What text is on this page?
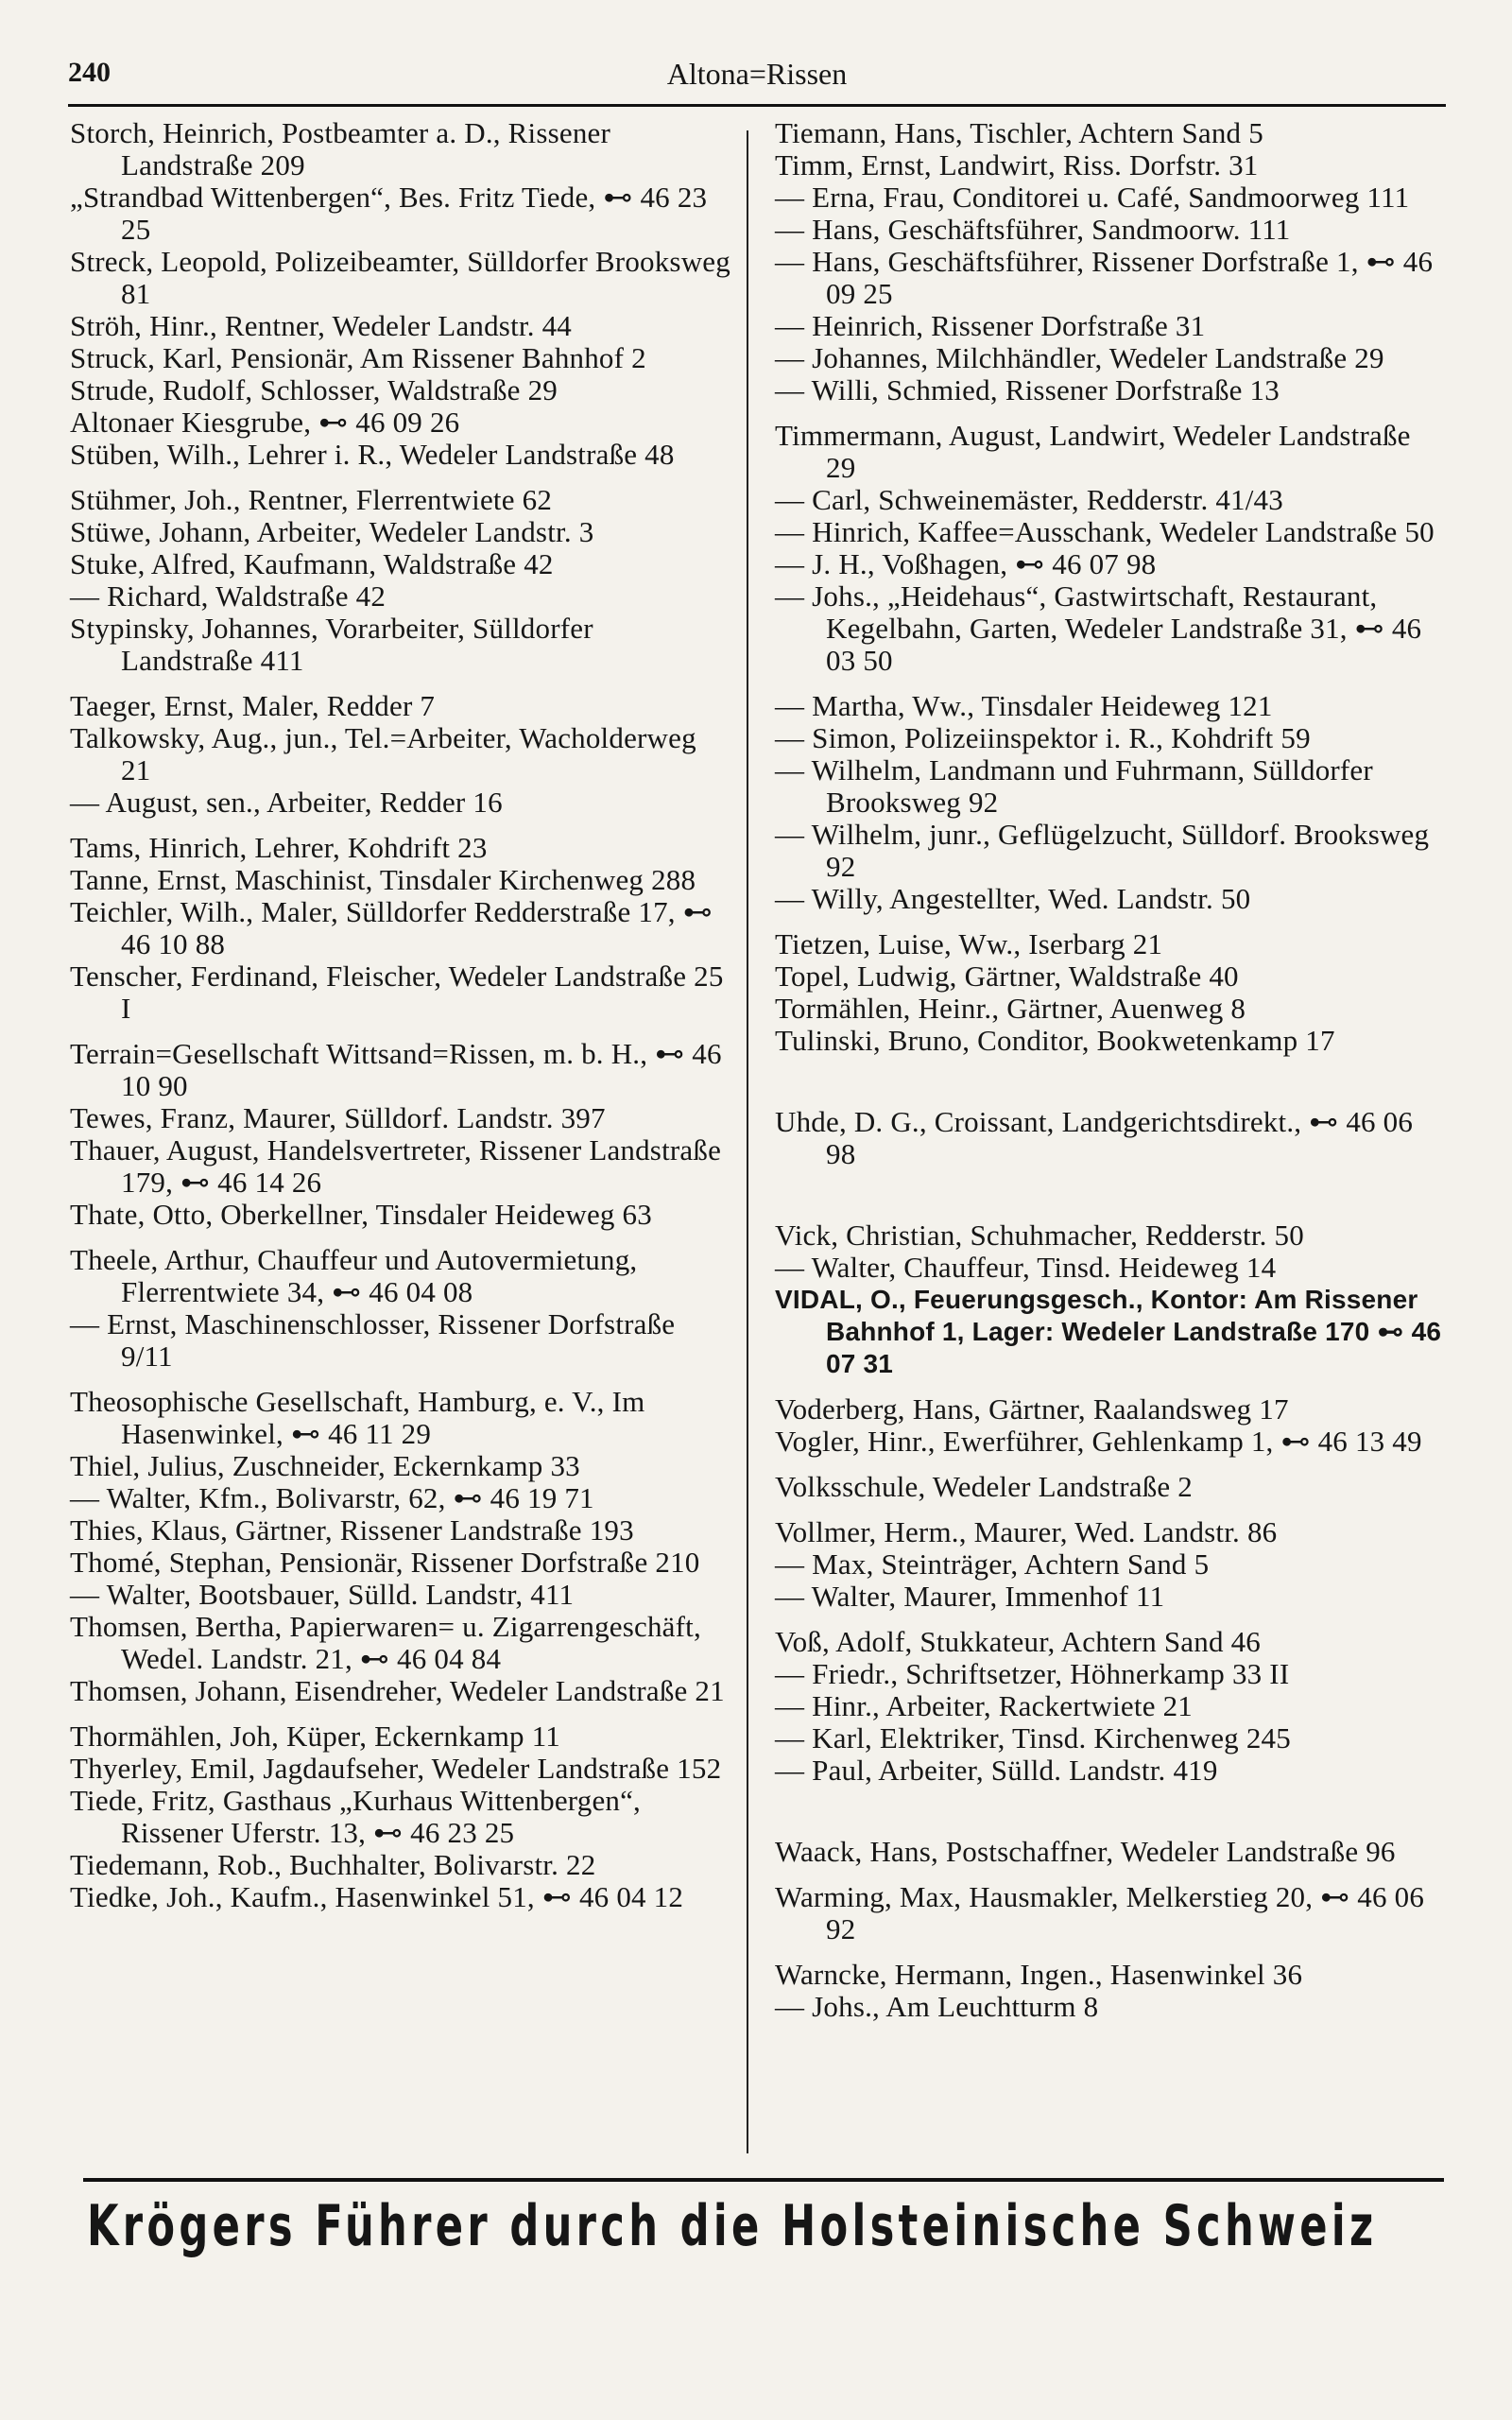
240	Altona=Rissen

Storch, Heinrich, Postbeamter a. D., Rissener Landstraße 209

„Strandbad Wittenbergen“, Bes. Fritz Tiede, ⊷ 46 23 25

Streck, Leopold, Polizeibeamter, Sülldorfer Brooksweg 81

Ströh, Hinr., Rentner, Wedeler Landstr. 44

Struck, Karl, Pensionär, Am Rissener Bahnhof 2

Strude, Rudolf, Schlosser, Waldstraße 29

Altonaer Kiesgrube, ⊷ 46 09 26

Stüben, Wilh., Lehrer i. R., Wedeler Landstraße 48

Stühmer, Joh., Rentner, Flerrentwiete 62

Stüwe, Johann, Arbeiter, Wedeler Landstr. 3

Stuke, Alfred, Kaufmann, Waldstraße 42

— Richard, Waldstraße 42

Stypinsky, Johannes, Vorarbeiter, Sülldorfer Landstraße 411

Taeger, Ernst, Maler, Redder 7

Talkowsky, Aug., jun., Tel.=Arbeiter, Wacholderweg 21

— August, sen., Arbeiter, Redder 16

Tams, Hinrich, Lehrer, Kohdrift 23

Tanne, Ernst, Maschinist, Tinsdaler Kirchenweg 288

Teichler, Wilh., Maler, Sülldorfer Redderstraße 17, ⊷ 46 10 88

Tenscher, Ferdinand, Fleischer, Wedeler Landstraße 25 I

Terrain=Gesellschaft Wittsand=Rissen, m. b. H., ⊷ 46 10 90

Tewes, Franz, Maurer, Sülldorf. Landstr. 397

Thauer, August, Handelsvertreter, Rissener Landstraße 179, ⊷ 46 14 26

Thate, Otto, Oberkellner, Tinsdaler Heideweg 63

Theele, Arthur, Chauffeur und Autovermietung, Flerrentwiete 34, ⊷ 46 04 08

— Ernst, Maschinenschlosser, Rissener Dorfstraße 9/11

Theosophische Gesellschaft, Hamburg, e. V., Im Hasenwinkel, ⊷ 46 11 29

Thiel, Julius, Zuschneider, Eckernkamp 33

— Walter, Kfm., Bolivarstr, 62, ⊷ 46 19 71

Thies, Klaus, Gärtner, Rissener Landstraße 193

Thomé, Stephan, Pensionär, Rissener Dorfstraße 210

— Walter, Bootsbauer, Sülld. Landstr, 411

Thomsen, Bertha, Papierwaren= u. Zigarrengeschäft, Wedel. Landstr. 21, ⊷ 46 04 84

Thomsen, Johann, Eisendreher, Wedeler Landstraße 21

Thormählen, Joh, Küper, Eckernkamp 11

Thyerley, Emil, Jagdaufseher, Wedeler Landstraße 152

Tiede, Fritz, Gasthaus „Kurhaus Wittenbergen“, Rissener Uferstr. 13, ⊷ 46 23 25

Tiedemann, Rob., Buchhalter, Bolivarstr. 22

Tiedke, Joh., Kaufm., Hasenwinkel 51, ⊷ 46 04 12

Tiemann, Hans, Tischler, Achtern Sand 5

Timm, Ernst, Landwirt, Riss. Dorfstr. 31

— Erna, Frau, Conditorei u. Café, Sandmoorweg 111

— Hans, Geschäftsführer, Sandmoorw. 111

— Hans, Geschäftsführer, Rissener Dorfstraße 1, ⊷ 46 09 25

— Heinrich, Rissener Dorfstraße 31

— Johannes, Milchhändler, Wedeler Landstraße 29

— Willi, Schmied, Rissener Dorfstraße 13

Timmermann, August, Landwirt, Wedeler Landstraße 29

— Carl, Schweinemäster, Redderstr. 41/43

— Hinrich, Kaffee=Ausschank, Wedeler Landstraße 50

— J. H., Voßhagen, ⊷ 46 07 98

— Johs., „Heidehaus“, Gastwirtschaft, Restaurant, Kegelbahn, Garten, Wedeler Landstraße 31, ⊷ 46 03 50

— Martha, Ww., Tinsdaler Heideweg 121

— Simon, Polizeiinspektor i. R., Kohdrift 59

— Wilhelm, Landmann und Fuhrmann, Sülldorfer Brooksweg 92

— Wilhelm, junr., Geflügelzucht, Sülldorf. Brooksweg 92

— Willy, Angestellter, Wed. Landstr. 50

Tietzen, Luise, Ww., Iserbarg 21

Topel, Ludwig, Gärtner, Waldstraße 40

Tormählen, Heinr., Gärtner, Auenweg 8

Tulinski, Bruno, Conditor, Bookwetenkamp 17

Uhde, D. G., Croissant, Landgerichtsdirekt., ⊷ 46 06 98

Vick, Christian, Schuhmacher, Redderstr. 50

— Walter, Chauffeur, Tinsd. Heideweg 14

VIDAL, O., Feuerungsgesch., Kontor: Am Rissener Bahnhof 1, Lager: Wedeler Landstraße 170 ⊷ 46 07 31

Voderberg, Hans, Gärtner, Raalandsweg 17

Vogler, Hinr., Ewerführer, Gehlenkamp 1, ⊷ 46 13 49

Volksschule, Wedeler Landstraße 2

Vollmer, Herm., Maurer, Wed. Landstr. 86

— Max, Steinträger, Achtern Sand 5

— Walter, Maurer, Immenhof 11

Voß, Adolf, Stukkateur, Achtern Sand 46

— Friedr., Schriftsetzer, Höhnerkamp 33 II

— Hinr., Arbeiter, Rackertwiete 21

— Karl, Elektriker, Tinsd. Kirchenweg 245

— Paul, Arbeiter, Sülld. Landstr. 419

Waack, Hans, Postschaffner, Wedeler Landstraße 96

Warming, Max, Hausmakler, Melkerstieg 20, ⊷ 46 06 92

Warncke, Hermann, Ingen., Hasenwinkel 36

— Johs., Am Leuchtturm 8

Krögers Führer durch die Holsteinische Schweiz
